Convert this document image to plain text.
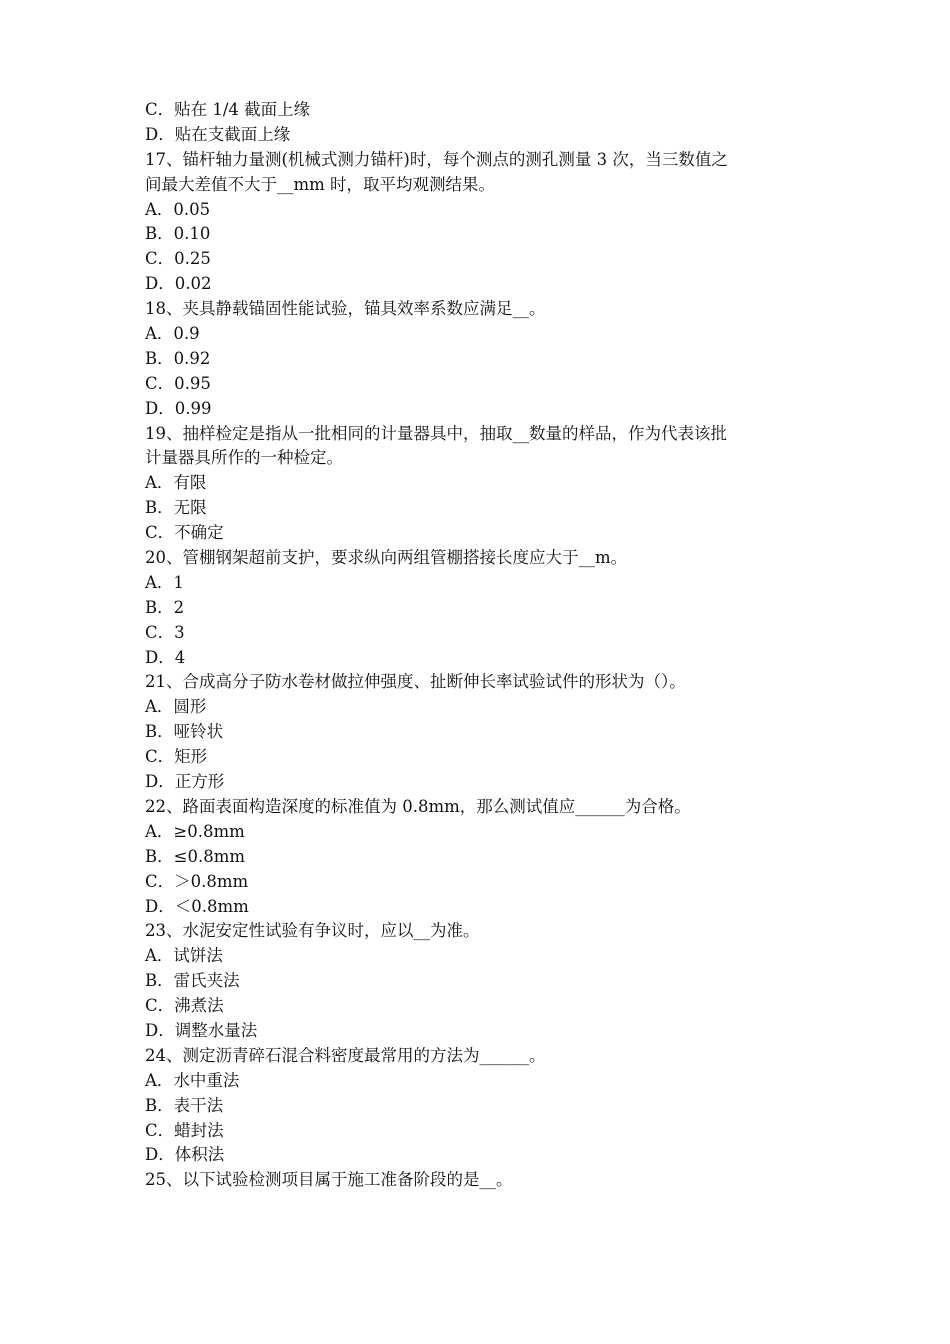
C．贴在 1/4 截面上缘
D．贴在支截面上缘
17、锚杆轴力量测(机械式测力锚杆)时，每个测点的测孔测量 3 次，当三数值之
间最大差值不大于__mm 时，取平均观测结果。
A．0.05
B．0.10
C．0.25
D．0.02
18、夹具静载锚固性能试验，锚具效率系数应满足__。
A．0.9
B．0.92
C．0.95
D．0.99
19、抽样检定是指从一批相同的计量器具中，抽取__数量的样品，作为代表该批
计量器具所作的一种检定。
A．有限
B．无限
C．不确定
20、管棚钢架超前支护，要求纵向两组管棚搭接长度应大于__m。
A．1
B．2
C．3
D．4
21、合成高分子防水卷材做拉伸强度、扯断伸长率试验试件的形状为（）。
A．圆形
B．哑铃状
C．矩形
D．正方形
22、路面表面构造深度的标准值为 0.8mm，那么测试值应______为合格。
A．≥0.8mm
B．≤0.8mm
C．＞0.8mm
D．＜0.8mm
23、水泥安定性试验有争议时，应以__为准。
A．试饼法
B．雷氏夹法
C．沸煮法
D．调整水量法
24、测定沥青碎石混合料密度最常用的方法为______。
A．水中重法
B．表干法
C．蜡封法
D．体积法
25、以下试验检测项目属于施工准备阶段的是__。
